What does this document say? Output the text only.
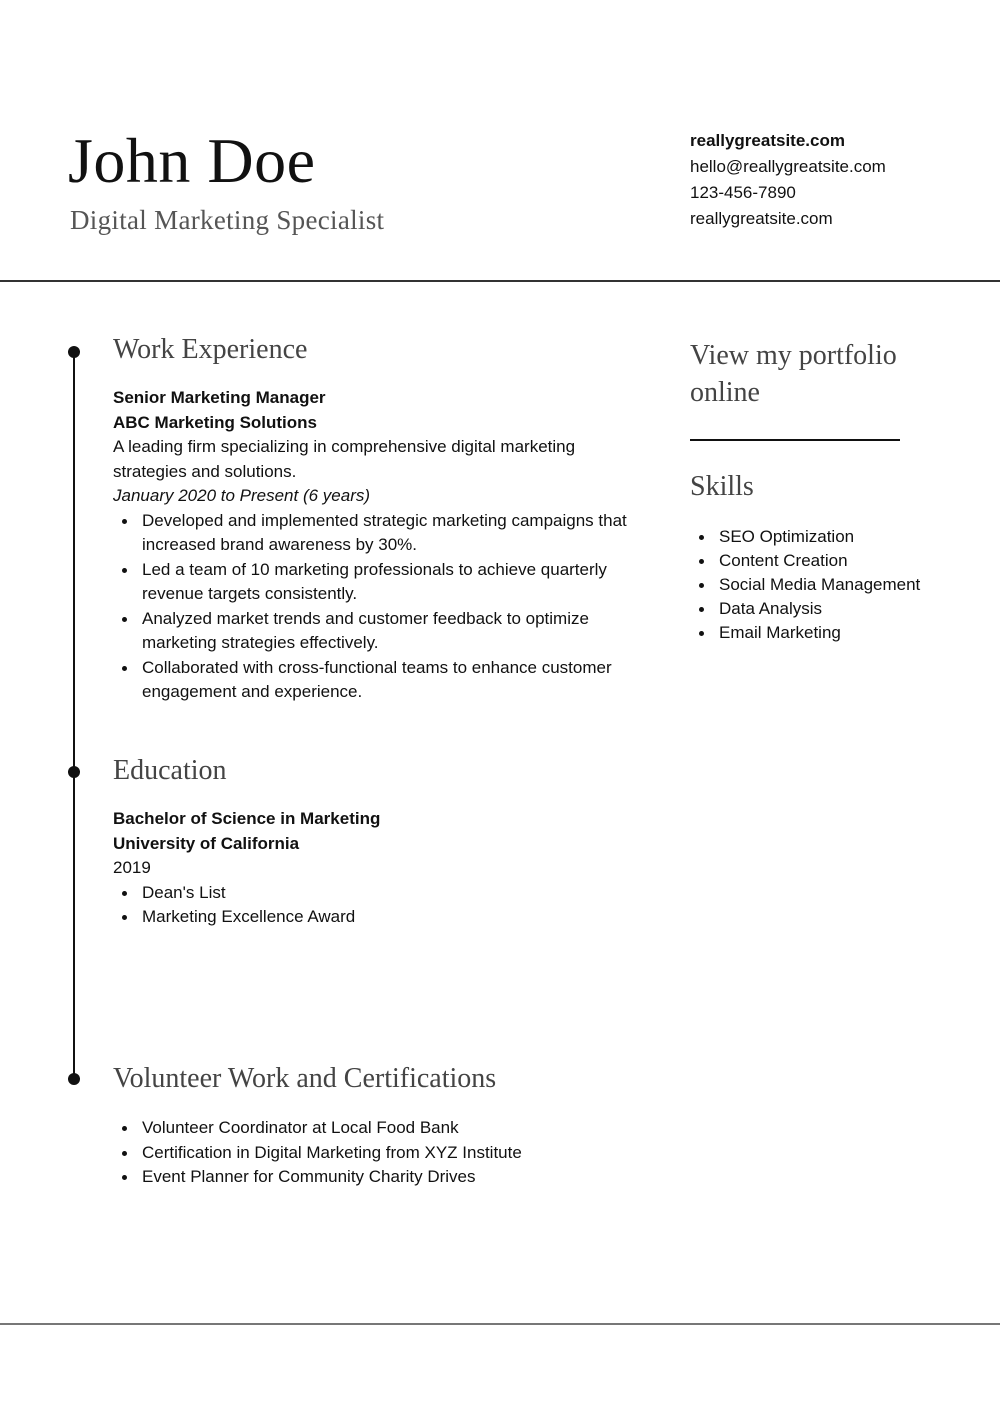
John Doe
Digital Marketing Specialist
reallygreatsite.com
hello@reallygreatsite.com
123-456-7890
reallygreatsite.com
Work Experience
Senior Marketing Manager
ABC Marketing Solutions
A leading firm specializing in comprehensive digital marketing strategies and solutions.
January 2020 to Present (6 years)
Developed and implemented strategic marketing campaigns that increased brand awareness by 30%.
Led a team of 10 marketing professionals to achieve quarterly revenue targets consistently.
Analyzed market trends and customer feedback to optimize marketing strategies effectively.
Collaborated with cross-functional teams to enhance customer engagement and experience.
Education
Bachelor of Science in Marketing
University of California
2019
Dean's List
Marketing Excellence Award
Volunteer Work and Certifications
Volunteer Coordinator at Local Food Bank
Certification in Digital Marketing from XYZ Institute
Event Planner for Community Charity Drives
View my portfolio online
Skills
SEO Optimization
Content Creation
Social Media Management
Data Analysis
Email Marketing
